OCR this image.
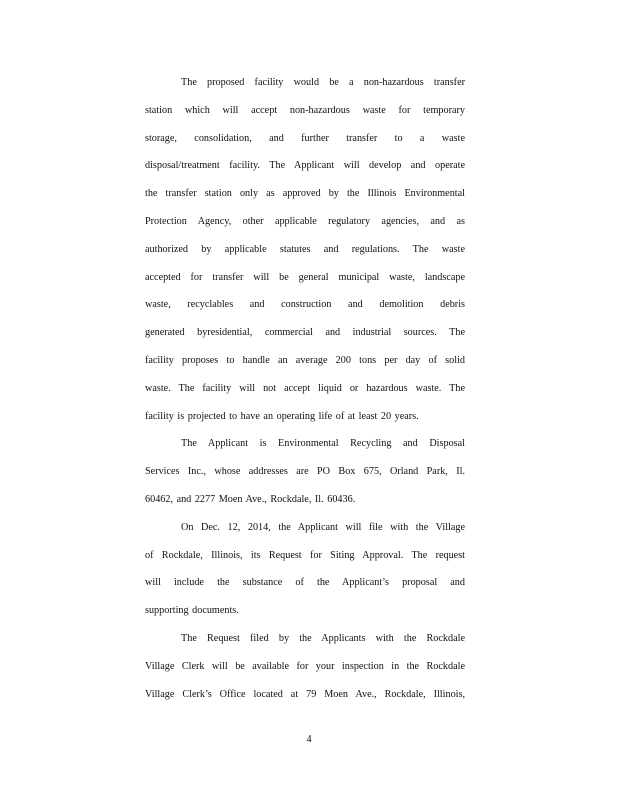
The proposed facility would be a non-hazardous transfer
station which will accept non-hazardous waste for temporary
storage, consolidation, and further transfer to a waste
disposal/treatment facility. The Applicant will develop and operate
the transfer station only as approved by the Illinois Environmental
Protection Agency, other applicable regulatory agencies, and as
authorized by applicable statutes and regulations. The waste
accepted for transfer will be general municipal waste, landscape
waste, recyclables and construction and demolition debris
generated byresidential, commercial and industrial sources. The
facility proposes to handle an average 200 tons per day of solid
waste. The facility will not accept liquid or hazardous waste. The
facility is projected to have an operating life of at least 20 years.
The Applicant is Environmental Recycling and Disposal
Services Inc., whose addresses are PO Box 675, Orland Park, Il.
60462, and 2277 Moen Ave., Rockdale, Il. 60436.
On Dec. 12, 2014, the Applicant will file with the Village
of Rockdale, Illinois, its Request for Siting Approval. The request
will include the substance of the Applicant’s proposal and
supporting documents.
The Request filed by the Applicants with the Rockdale
Village Clerk will be available for your inspection in the Rockdale
Village Clerk’s Office located at 79 Moen Ave., Rockdale, Illinois,
4
